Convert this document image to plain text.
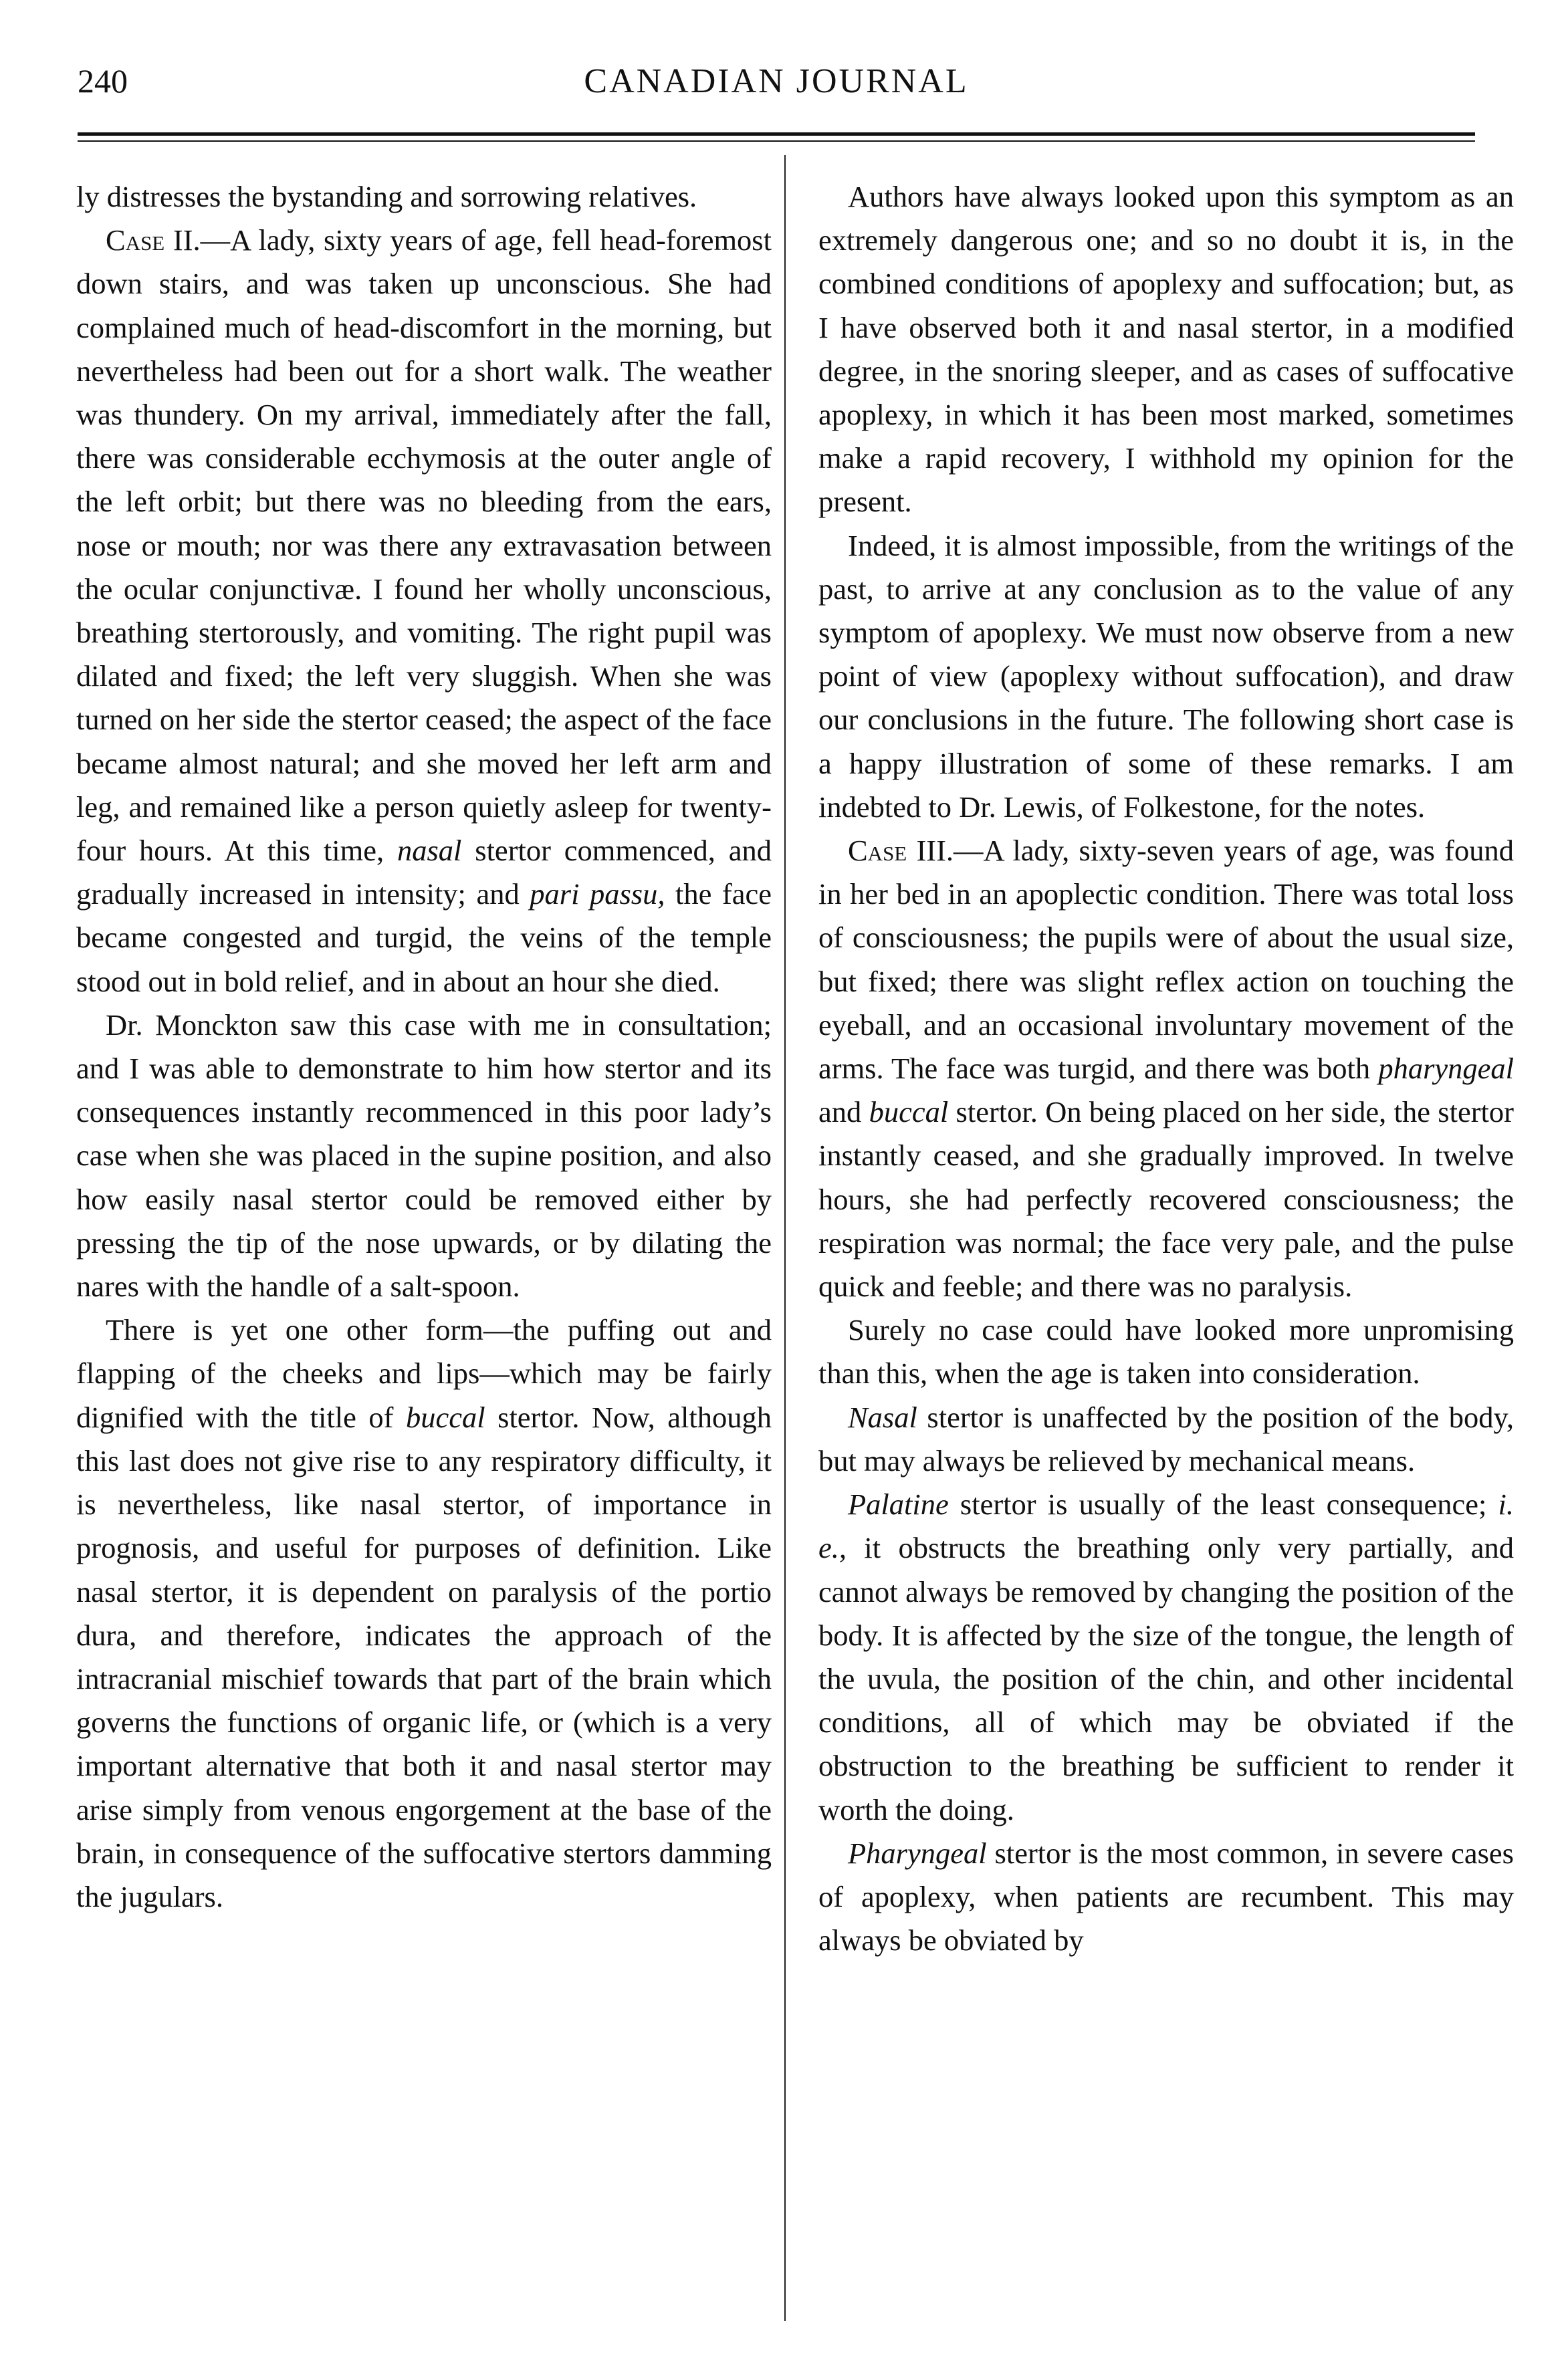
240	CANADIAN JOURNAL

ly distresses the bystanding and sorrowing relatives.

Case II.—A lady, sixty years of age, fell head-foremost down stairs, and was taken up unconscious. She had complained much of head-discomfort in the morning, but nevertheless had been out for a short walk. The weather was thundery. On my arrival, immediately after the fall, there was considerable ecchymosis at the outer angle of the left orbit; but there was no bleeding from the ears, nose or mouth; nor was there any extravasation between the ocular conjunctivæ. I found her wholly unconscious, breathing stertorously, and vomiting. The right pupil was dilated and fixed; the left very sluggish. When she was turned on her side the stertor ceased; the aspect of the face became almost natural; and she moved her left arm and leg, and remained like a person quietly asleep for twenty-four hours. At this time, nasal stertor commenced, and gradually increased in intensity; and pari passu, the face became congested and turgid, the veins of the temple stood out in bold relief, and in about an hour she died.

Dr. Monckton saw this case with me in consultation; and I was able to demonstrate to him how stertor and its consequences instantly recommenced in this poor lady’s case when she was placed in the supine position, and also how easily nasal stertor could be removed either by pressing the tip of the nose upwards, or by dilating the nares with the handle of a salt-spoon.

There is yet one other form—the puffing out and flapping of the cheeks and lips—which may be fairly dignified with the title of buccal stertor. Now, although this last does not give rise to any respiratory difficulty, it is nevertheless, like nasal stertor, of importance in prognosis, and useful for purposes of definition. Like nasal stertor, it is dependent on paralysis of the portio dura, and therefore, indicates the approach of the intracranial mischief towards that part of the brain which governs the functions of organic life, or (which is a very important alternative that both it and nasal stertor may arise simply from venous engorgement at the base of the brain, in consequence of the suffocative stertors damming the jugulars.

Authors have always looked upon this symptom as an extremely dangerous one; and so no doubt it is, in the combined conditions of apoplexy and suffocation; but, as I have observed both it and nasal stertor, in a modified degree, in the snoring sleeper, and as cases of suffocative apoplexy, in which it has been most marked, sometimes make a rapid recovery, I withhold my opinion for the present.

Indeed, it is almost impossible, from the writings of the past, to arrive at any conclusion as to the value of any symptom of apoplexy. We must now observe from a new point of view (apoplexy without suffocation), and draw our conclusions in the future. The following short case is a happy illustration of some of these remarks. I am indebted to Dr. Lewis, of Folkestone, for the notes.

Case III.—A lady, sixty-seven years of age, was found in her bed in an apoplectic condition. There was total loss of consciousness; the pupils were of about the usual size, but fixed; there was slight reflex action on touching the eyeball, and an occasional involuntary movement of the arms. The face was turgid, and there was both pharyngeal and buccal stertor. On being placed on her side, the stertor instantly ceased, and she gradually improved. In twelve hours, she had perfectly recovered consciousness; the respiration was normal; the face very pale, and the pulse quick and feeble; and there was no paralysis.

Surely no case could have looked more unpromising than this, when the age is taken into consideration.

Nasal stertor is unaffected by the position of the body, but may always be relieved by mechanical means.

Palatine stertor is usually of the least consequence; i. e., it obstructs the breathing only very partially, and cannot always be removed by changing the position of the body. It is affected by the size of the tongue, the length of the uvula, the position of the chin, and other incidental conditions, all of which may be obviated if the obstruction to the breathing be sufficient to render it worth the doing.

Pharyngeal stertor is the most common, in severe cases of apoplexy, when patients are recumbent. This may always be obviated by
